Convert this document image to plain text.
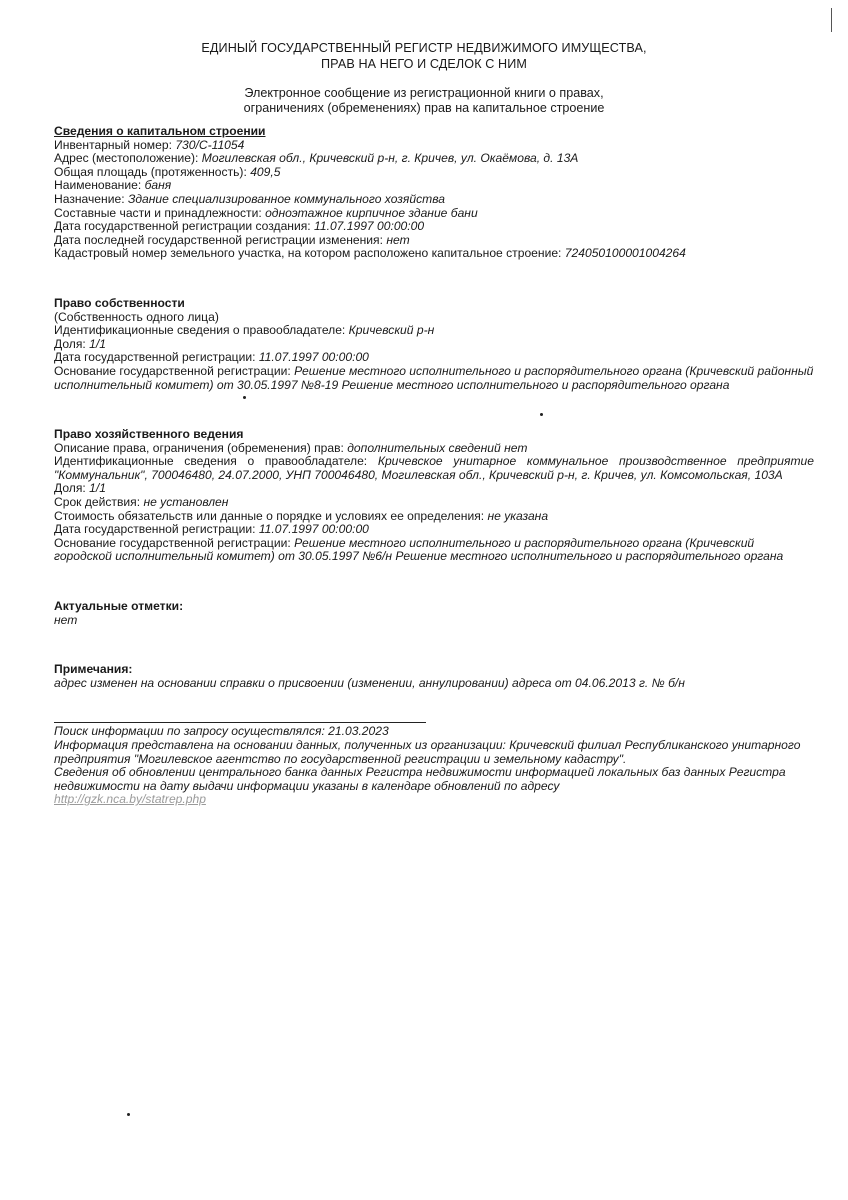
ЕДИНЫЙ ГОСУДАРСТВЕННЫЙ РЕГИСТР НЕДВИЖИМОГО ИМУЩЕСТВА,
ПРАВ НА НЕГО И СДЕЛОК С НИМ
Электронное сообщение из регистрационной книги о правах,
ограничениях (обременениях) прав на капитальное строение
Сведения о капитальном строении
Инвентарный номер: 730/С-11054
Адрес (местоположение): Могилевская обл., Кричевский р-н, г. Кричев, ул. Окаёмова, д. 13А
Общая площадь (протяженность): 409,5
Наименование: баня
Назначение: Здание специализированное коммунального хозяйства
Составные части и принадлежности: одноэтажное кирпичное здание бани
Дата государственной регистрации создания: 11.07.1997 00:00:00
Дата последней государственной регистрации изменения: нет
Кадастровый номер земельного участка, на котором расположено капитальное строение: 724050100001004264
Право собственности
(Собственность одного лица)
Идентификационные сведения о правообладателе: Кричевский р-н
Доля: 1/1
Дата государственной регистрации: 11.07.1997 00:00:00
Основание государственной регистрации: Решение местного исполнительного и распорядительного органа (Кричевский районный исполнительный комитет) от 30.05.1997 №8-19 Решение местного исполнительного и распорядительного органа
Право хозяйственного ведения
Описание права, ограничения (обременения) прав: дополнительных сведений нет
Идентификационные сведения о правообладателе: Кричевское унитарное коммунальное производственное предприятие "Коммунальник", 700046480, 24.07.2000, УНП 700046480, Могилевская обл., Кричевский р-н, г. Кричев, ул. Комсомольская, 103А
Доля: 1/1
Срок действия: не установлен
Стоимость обязательств или данные о порядке и условиях ее определения: не указана
Дата государственной регистрации: 11.07.1997 00:00:00
Основание государственной регистрации: Решение местного исполнительного и распорядительного органа (Кричевский городской исполнительный комитет) от 30.05.1997 №6/н Решение местного исполнительного и распорядительного органа
Актуальные отметки:
нет
Примечания:
адрес изменен на основании справки о присвоении (изменении, аннулировании) адреса от 04.06.2013 г. № б/н
Поиск информации по запросу осуществлялся: 21.03.2023
Информация представлена на основании данных, полученных из организации: Кричевский филиал Республиканского унитарного предприятия "Могилевское агентство по государственной регистрации и земельному кадастру".
Сведения об обновлении центрального банка данных Регистра недвижимости информацией локальных баз данных Регистра недвижимости на дату выдачи информации указаны в календаре обновлений по адресу
http://gzk.nca.by/statrep.php
